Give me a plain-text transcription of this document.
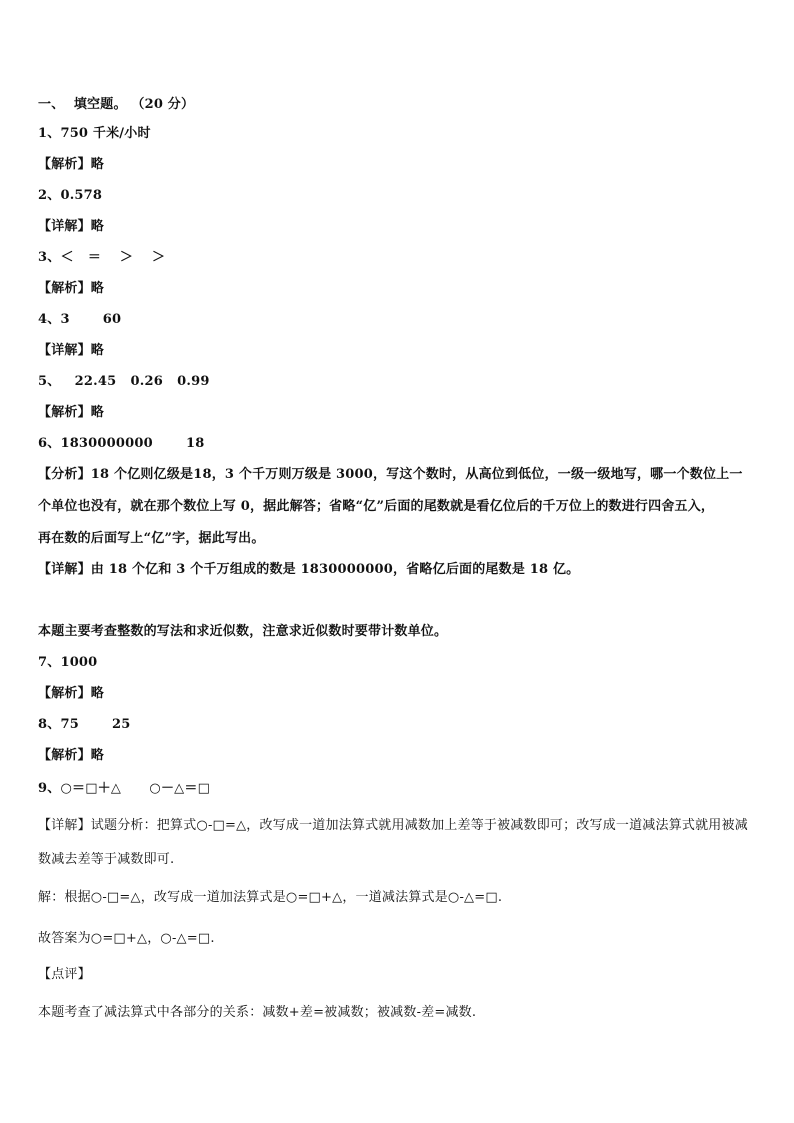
一、  填空题。 （20 分）
1、750 千米/小时
【解析】略
2、0.578
【详解】略
3、＜   ＝    ＞    ＞
【解析】略
4、3       60
【详解】略
5、   22.45   0.26   0.99
【解析】略
6、1830000000       18
【分析】18 个亿则亿级是18，3 个千万则万级是 3000，写这个数时，从高位到低位，一级一级地写，哪一个数位上一
个单位也没有，就在那个数位上写 0，据此解答；省略“亿”后面的尾数就是看亿位后的千万位上的数进行四舍五入，
再在数的后面写上“亿”字，据此写出。
【详解】由 18 个亿和 3 个千万组成的数是 1830000000，省略亿后面的尾数是 18 亿。
本题主要考查整数的写法和求近似数，注意求近似数时要带计数单位。
7、1000
【解析】略
8、75       25
【解析】略
9、○＝□＋△      ○－△＝□
【详解】试题分析：把算式○-□=△，改写成一道加法算式就用减数加上差等于被减数即可；改写成一道减法算式就用被减
数减去差等于减数即可.
解：根据○-□=△，改写成一道加法算式是○=□+△，一道减法算式是○-△=□.
故答案为○=□+△，○-△=□.
【点评】
本题考查了减法算式中各部分的关系：减数+差=被减数；被减数-差=减数.
